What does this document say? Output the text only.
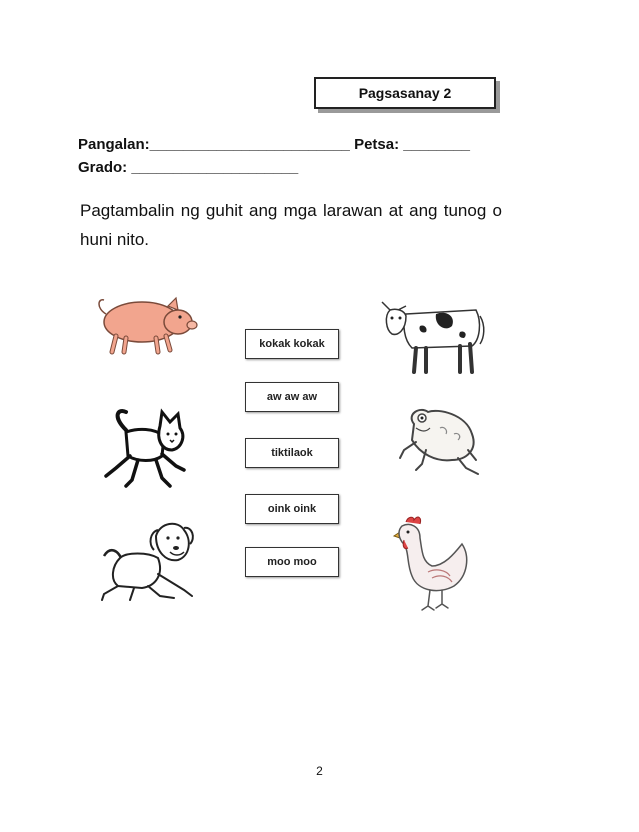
Pagsasanay 2
Pangalan:________________________ Petsa: ________
Grado: ____________________
Pagtambalin ng guhit ang mga larawan at ang tunog o huni nito.
kokak kokak
aw aw aw
tiktilaok
oink oink
moo moo
2
